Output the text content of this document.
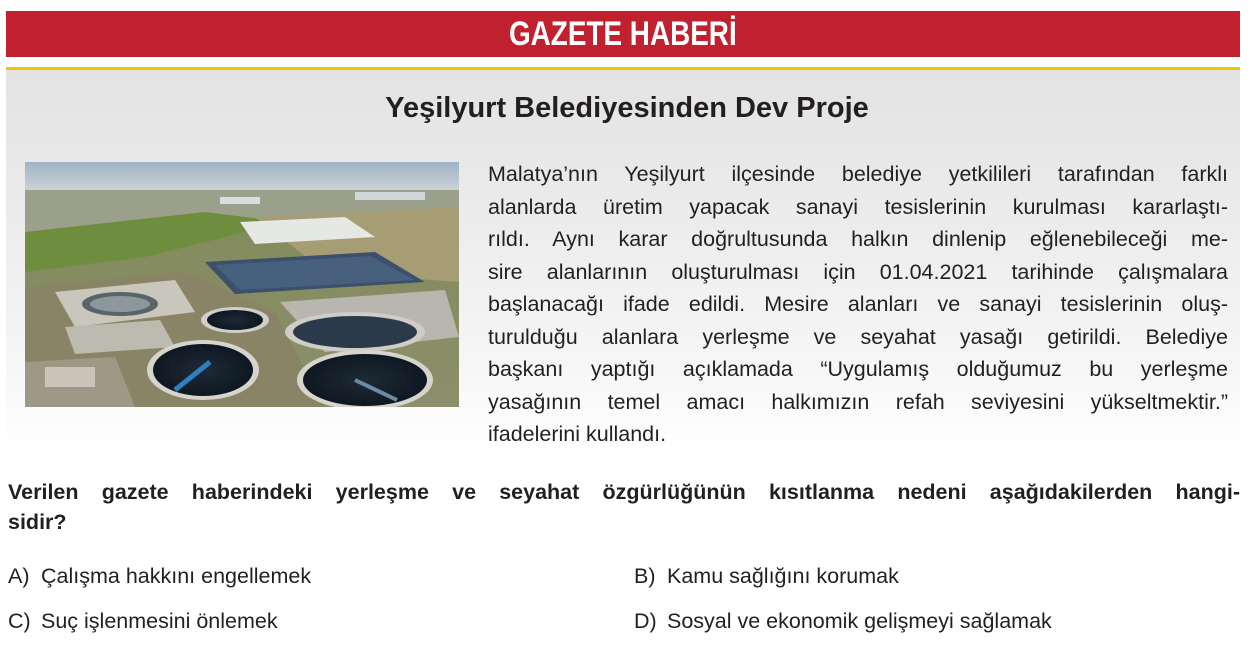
GAZETE HABERİ
Yeşilyurt Belediyesinden Dev Proje
Malatya’nın Yeşilyurt ilçesinde belediye yetkilileri tarafından farklı
alanlarda üretim yapacak sanayi tesislerinin kurulması kararlaştı-
rıldı. Aynı karar doğrultusunda halkın dinlenip eğlenebileceği me-
sire alanlarının oluşturulması için 01.04.2021 tarihinde çalışmalara
başlanacağı ifade edildi. Mesire alanları ve sanayi tesislerinin oluş-
turulduğu alanlara yerleşme ve seyahat yasağı getirildi. Belediye
başkanı yaptığı açıklamada “Uygulamış olduğumuz bu yerleşme
yasağının temel amacı halkımızın refah seviyesini yükseltmektir.”
ifadelerini kullandı.
Verilen gazete haberindeki yerleşme ve seyahat özgürlüğünün kısıtlanma nedeni aşağıdakilerden hangi-
sidir?
A) Çalışma hakkını engellemek	B) Kamu sağlığını korumak
C) Suç işlenmesini önlemek	D) Sosyal ve ekonomik gelişmeyi sağlamak
